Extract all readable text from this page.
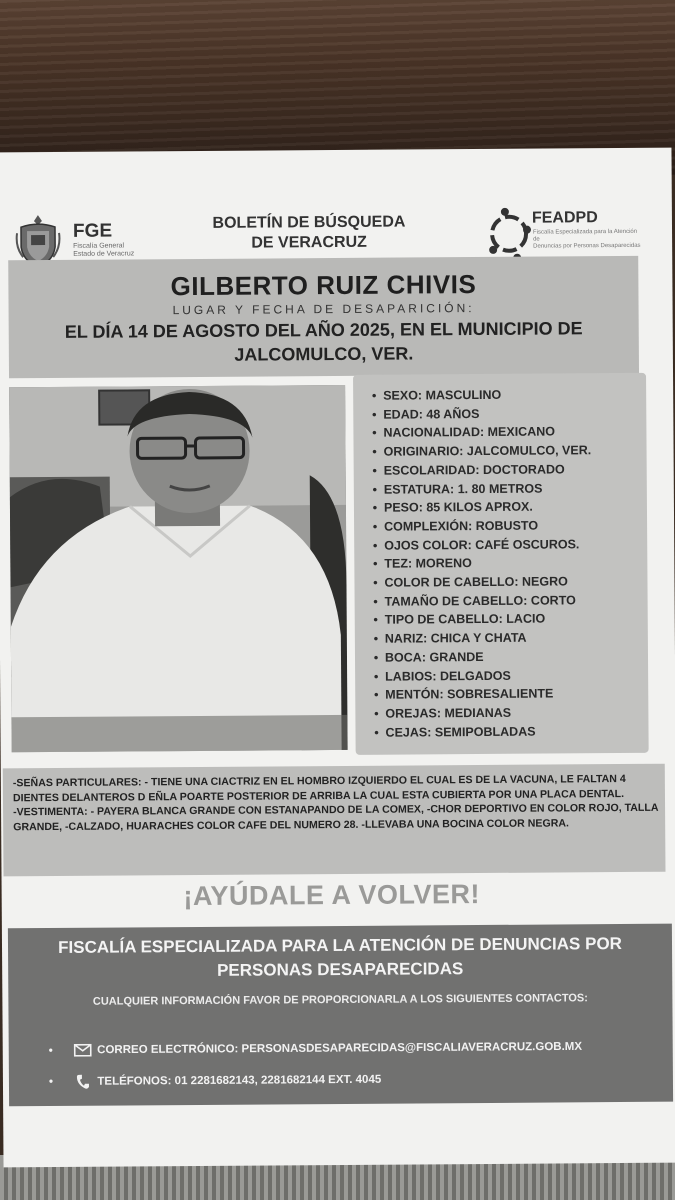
FGE
Fiscalía General
Estado de Veracruz
BOLETÍN DE BÚSQUEDA
DE VERACRUZ
FEADPD
Fiscalía Especializada para la Atención de
Denuncias por Personas Desaparecidas
GILBERTO RUIZ CHIVIS
LUGAR Y FECHA DE DESAPARICIÓN:
EL DÍA 14 DE AGOSTO DEL AÑO 2025, EN EL MUNICIPIO DE
JALCOMULCO, VER.
• SEXO: MASCULINO
• EDAD: 48 AÑOS
• NACIONALIDAD: MEXICANO
• ORIGINARIO: JALCOMULCO, VER.
• ESCOLARIDAD: DOCTORADO
• ESTATURA: 1. 80 METROS
• PESO: 85 KILOS APROX.
• COMPLEXIÓN: ROBUSTO
• OJOS COLOR: CAFÉ OSCUROS.
• TEZ: MORENO
• COLOR DE CABELLO: NEGRO
• TAMAÑO DE CABELLO: CORTO
• TIPO DE CABELLO: LACIO
• NARIZ: CHICA Y CHATA
• BOCA: GRANDE
• LABIOS: DELGADOS
• MENTÓN: SOBRESALIENTE
• OREJAS: MEDIANAS
• CEJAS: SEMIPOBLADAS

-SEÑAS PARTICULARES: - TIENE UNA CIACTRIZ EN EL HOMBRO IZQUIERDO EL CUAL ES DE LA VACUNA, LE FALTAN 4 DIENTES DELANTEROS D EÑLA POARTE POSTERIOR DE ARRIBA LA CUAL ESTA CUBIERTA POR UNA PLACA DENTAL.

-VESTIMENTA: - PAYERA BLANCA GRANDE CON ESTANAPANDO DE LA COMEX, -CHOR DEPORTIVO EN COLOR ROJO, TALLA GRANDE, -CALZADO, HUARACHES COLOR CAFE DEL NUMERO 28. -LLEVABA UNA BOCINA COLOR NEGRA.

¡AYÚDALE A VOLVER!
FISCALÍA ESPECIALIZADA PARA LA ATENCIÓN DE DENUNCIAS POR
PERSONAS DESAPARECIDAS
CUALQUIER INFORMACIÓN FAVOR DE PROPORCIONARLA A LOS SIGUIENTES CONTACTOS:
•	CORREO ELECTRÓNICO: PERSONASDESAPARECIDAS@FISCALIAVERACRUZ.GOB.MX
•	TELÉFONOS: 01 2281682143, 2281682144 EXT. 4045
